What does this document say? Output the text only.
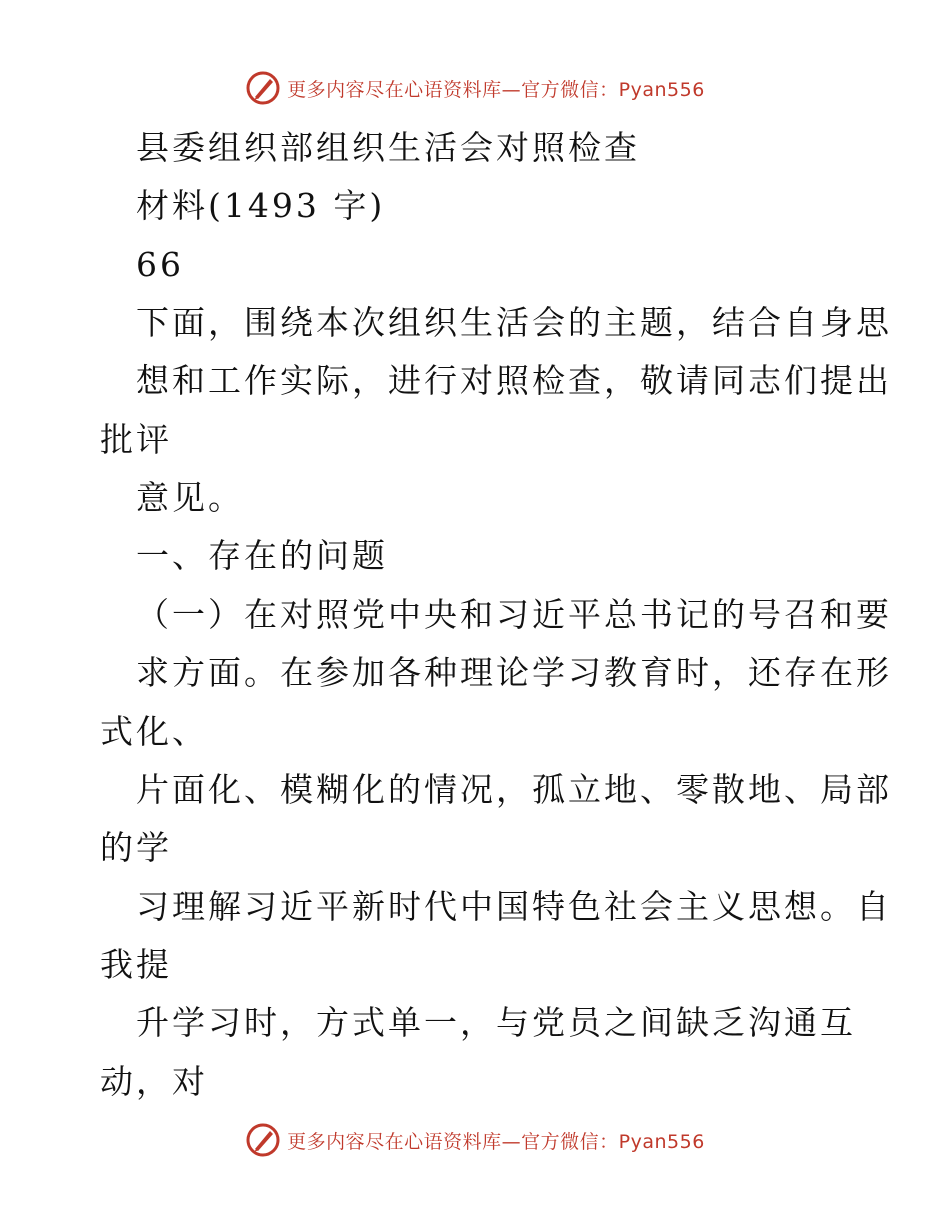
更多内容尽在心语资料库—官方微信：Pyan556
县委组织部组织生活会对照检查
材料(1493 字)
66
下面，围绕本次组织生活会的主题，结合自身思
想和工作实际，进行对照检查，敬请同志们提出
批评
意见。
一、存在的问题
（一）在对照党中央和习近平总书记的号召和要
求方面。在参加各种理论学习教育时，还存在形
式化、
片面化、模糊化的情况，孤立地、零散地、局部
的学
习理解习近平新时代中国特色社会主义思想。自
我提
升学习时，方式单一，与党员之间缺乏沟通互
动，对
更多内容尽在心语资料库—官方微信：Pyan556
